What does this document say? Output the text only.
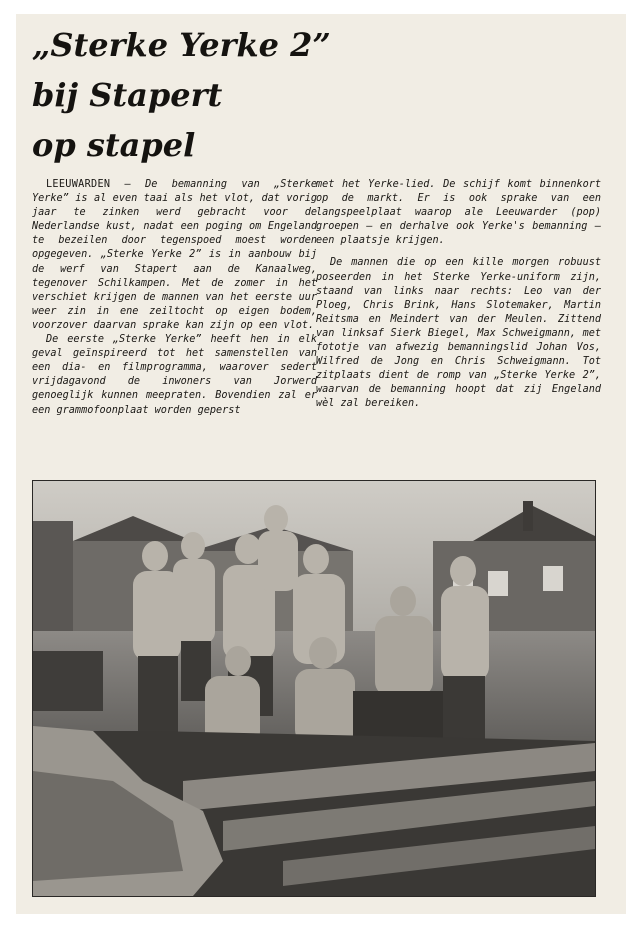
„Sterke Yerke 2”
bij Stapert
op stapel

LEEUWARDEN — De bemanning van „Sterke Yerke” is al even taai als het vlot, dat vorig jaar te zinken werd gebracht voor de Nederlandse kust, nadat een poging om Engeland te bezeilen door tegenspoed moest worden opgegeven. „Sterke Yerke 2” is in aanbouw bij de werf van Stapert aan de Kanaalweg, tegenover Schilkampen. Met de zomer in het verschiet krijgen de mannen van het eerste uur weer zin in ene zeiltocht op eigen bodem, voorzover daarvan sprake kan zijn op een vlot.

De eerste „Sterke Yerke” heeft hen in elk geval geïnspireerd tot het samenstellen van een dia- en filmprogramma, waarover sedert vrijdagavond de inwoners van Jorwerd genoeglijk kunnen meepraten. Bovendien zal er een grammofoonplaat worden geperst

met het Yerke-lied. De schijf komt binnenkort op de markt. Er is ook sprake van een langspeelplaat waarop ale Leeuwarder (pop) groepen — en derhalve ook Yerke's bemanning — een plaatsje krijgen.

De mannen die op een kille morgen robuust poseerden in het Sterke Yerke-uniform zijn, staand van links naar rechts: Leo van der Ploeg, Chris Brink, Hans Slotemaker, Martin Reitsma en Meindert van der Meulen. Zittend van linksaf Sierk Biegel, Max Schweigmann, met fototje van afwezig bemanningslid Johan Vos, Wilfred de Jong en Chris Schweigmann. Tot zitplaats dient de romp van „Sterke Yerke 2”, waarvan de bemanning hoopt dat zij Engeland wèl zal bereiken.
